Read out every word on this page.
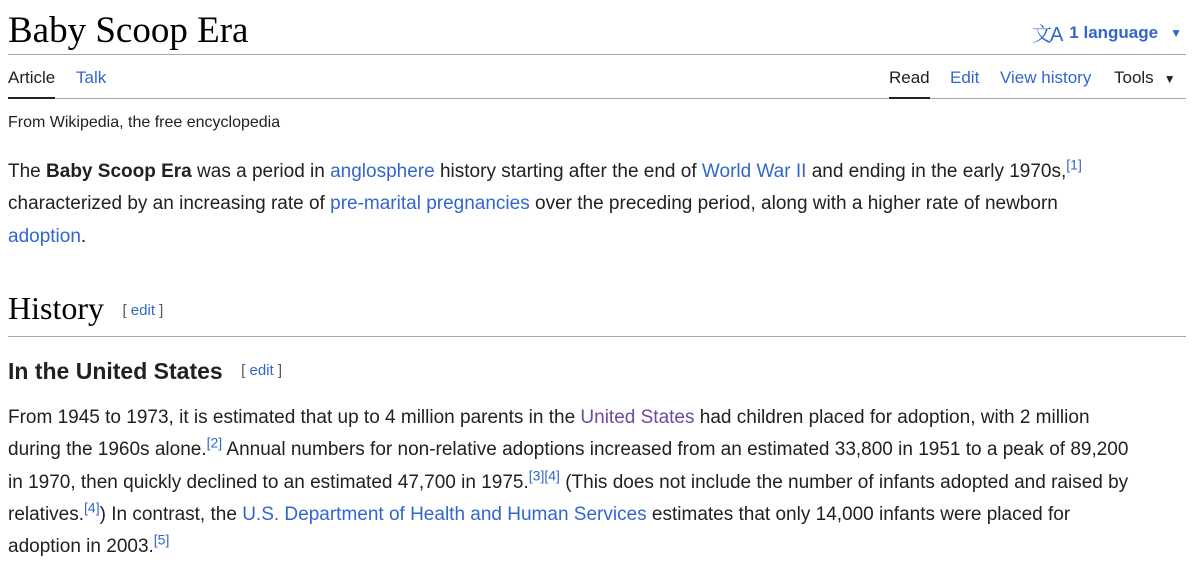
Baby Scoop Era	文A 1 language ▼
Article Talk	Read Edit View history Tools ▼
From Wikipedia, the free encyclopedia
The Baby Scoop Era was a period in anglosphere history starting after the end of World War II and ending in the early 1970s,[1]
characterized by an increasing rate of pre-marital pregnancies over the preceding period, along with a higher rate of newborn
adoption.
History [ edit ]
In the United States [ edit ]
From 1945 to 1973, it is estimated that up to 4 million parents in the United States had children placed for adoption, with 2 million
during the 1960s alone.[2] Annual numbers for non-relative adoptions increased from an estimated 33,800 in 1951 to a peak of 89,200
in 1970, then quickly declined to an estimated 47,700 in 1975.[3][4] (This does not include the number of infants adopted and raised by
relatives.[4]) In contrast, the U.S. Department of Health and Human Services estimates that only 14,000 infants were placed for
adoption in 2003.[5]
